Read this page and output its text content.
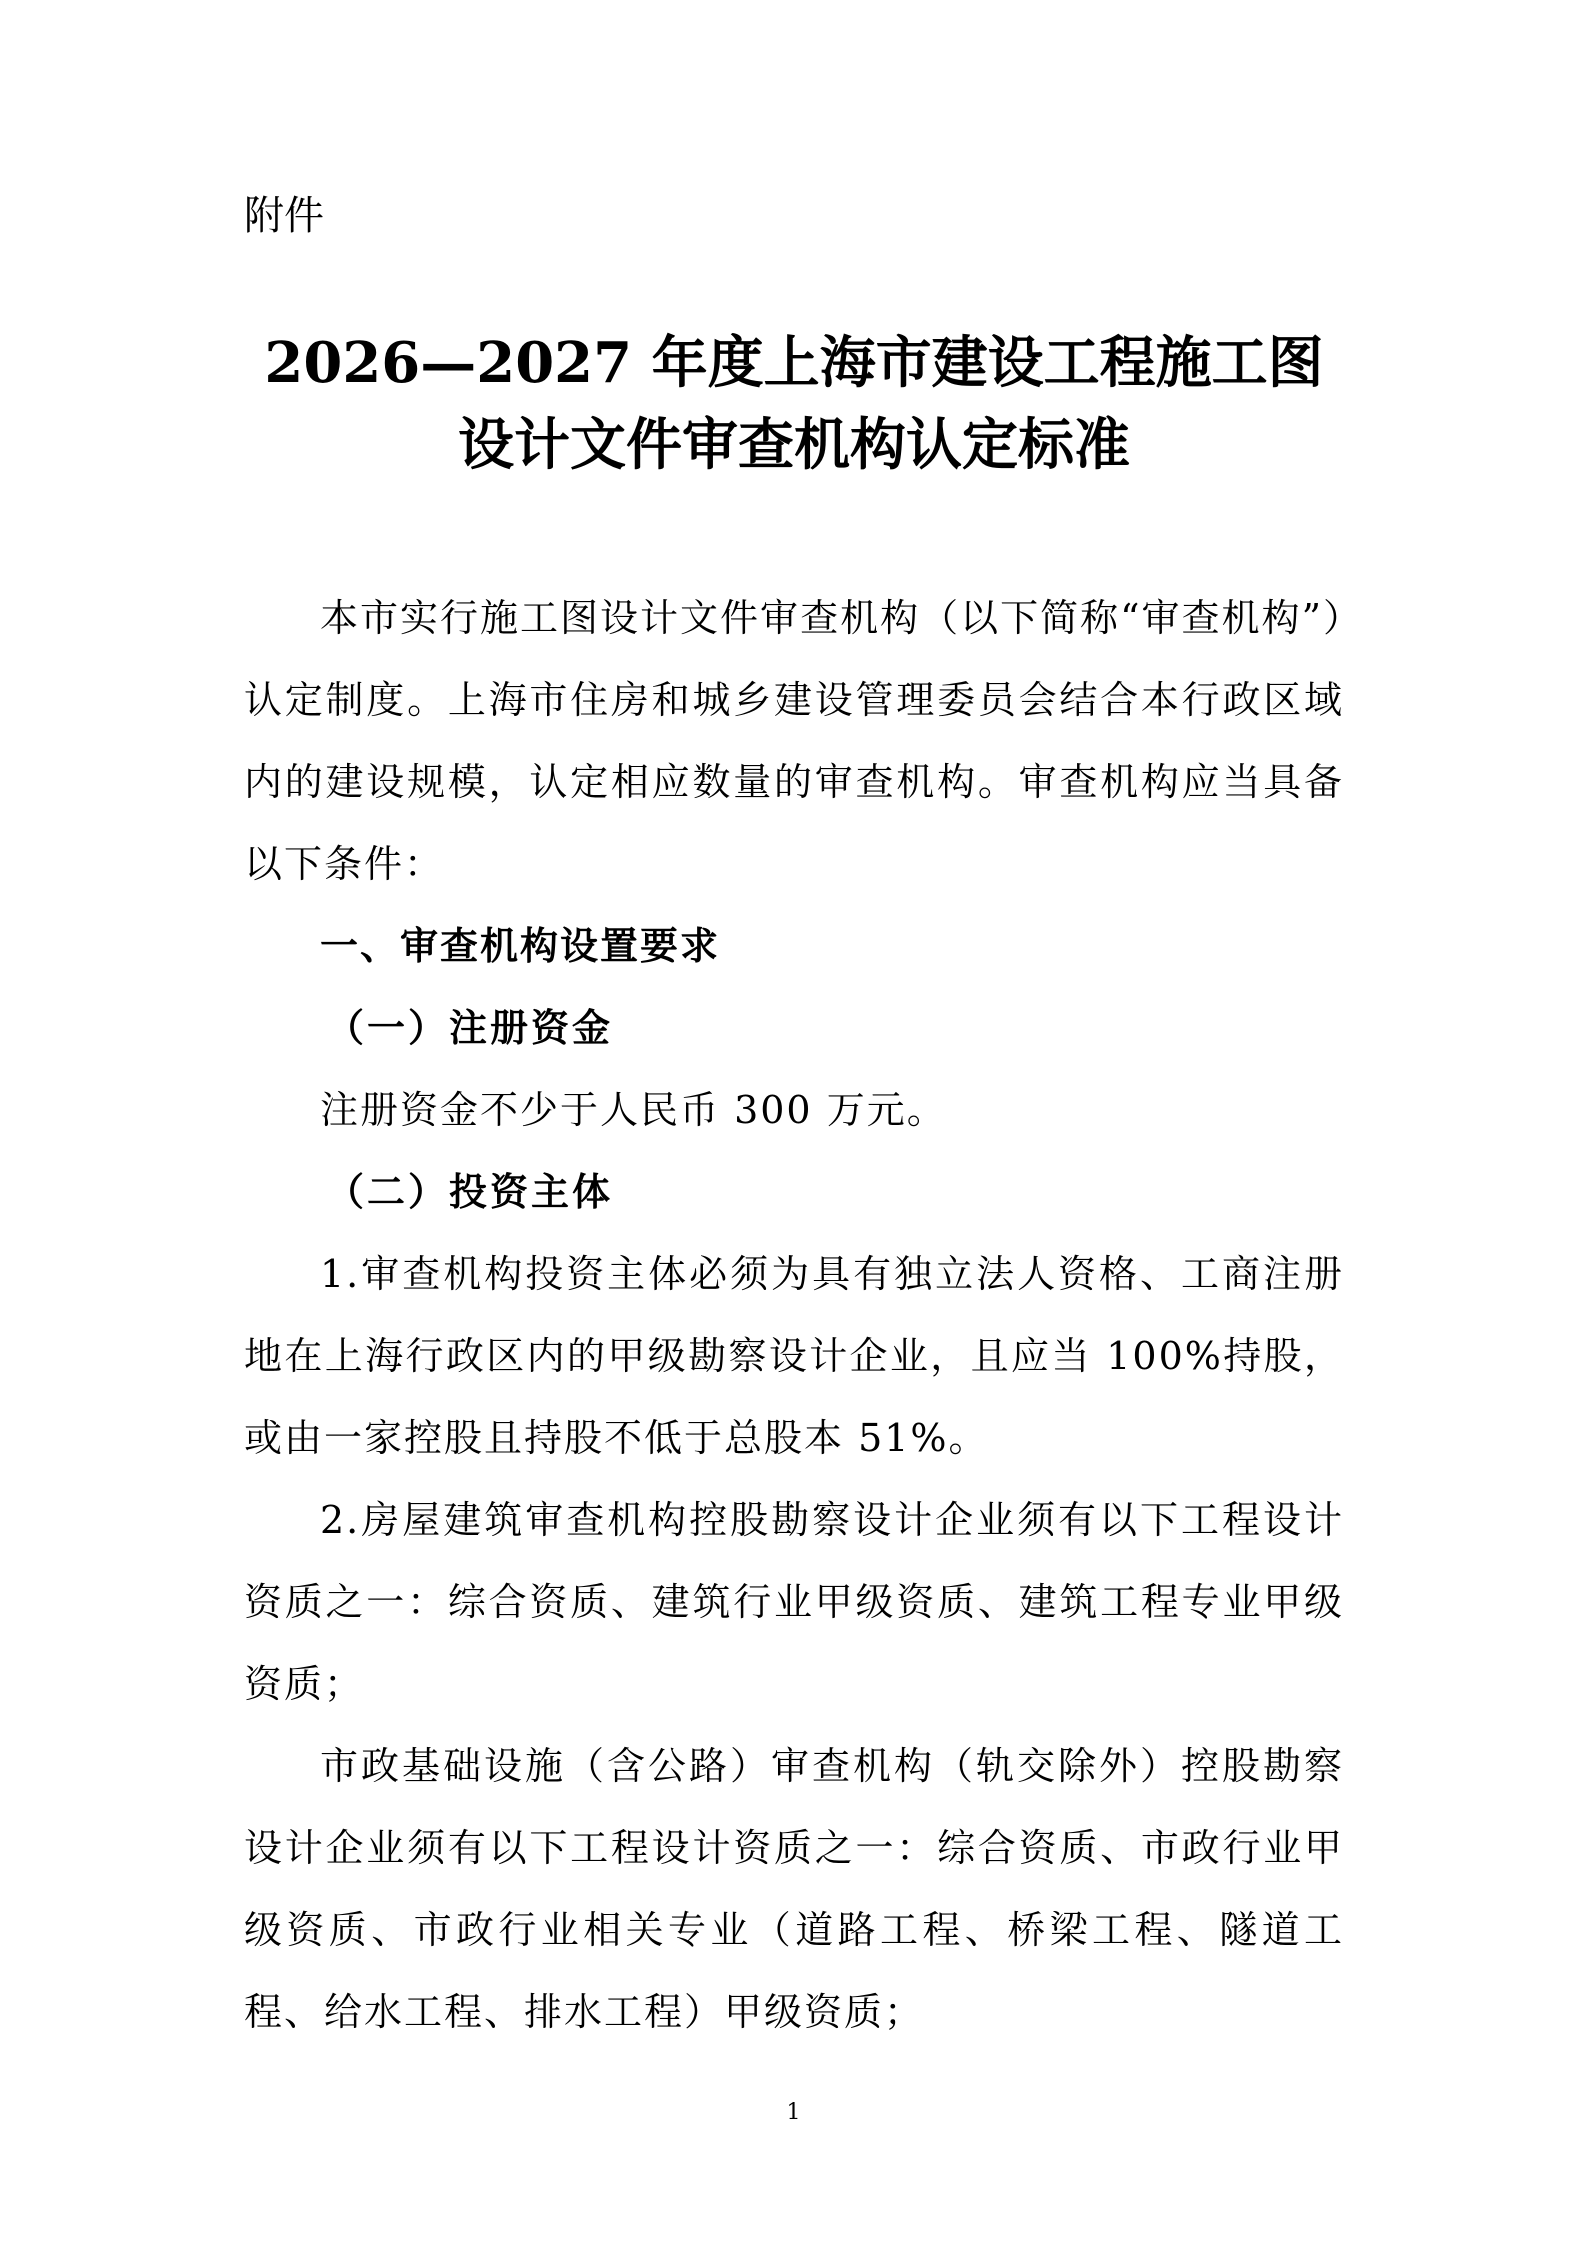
附件
2026—2027 年度上海市建设工程施工图
设计文件审查机构认定标准

本市实行施工图设计文件审查机构（以下简称“审查机构”）认定制度。上海市住房和城乡建设管理委员会结合本行政区域内的建设规模，认定相应数量的审查机构。审查机构应当具备以下条件：

一、审查机构设置要求
（一）注册资金

注册资金不少于人民币 300 万元。

（二）投资主体

1.审查机构投资主体必须为具有独立法人资格、工商注册地在上海行政区内的甲级勘察设计企业，且应当 100%持股，或由一家控股且持股不低于总股本 51%。

2.房屋建筑审查机构控股勘察设计企业须有以下工程设计资质之一：综合资质、建筑行业甲级资质、建筑工程专业甲级资质；

市政基础设施（含公路）审查机构（轨交除外）控股勘察设计企业须有以下工程设计资质之一：综合资质、市政行业甲级资质、市政行业相关专业（道路工程、桥梁工程、隧道工程、给水工程、排水工程）甲级资质；

1
